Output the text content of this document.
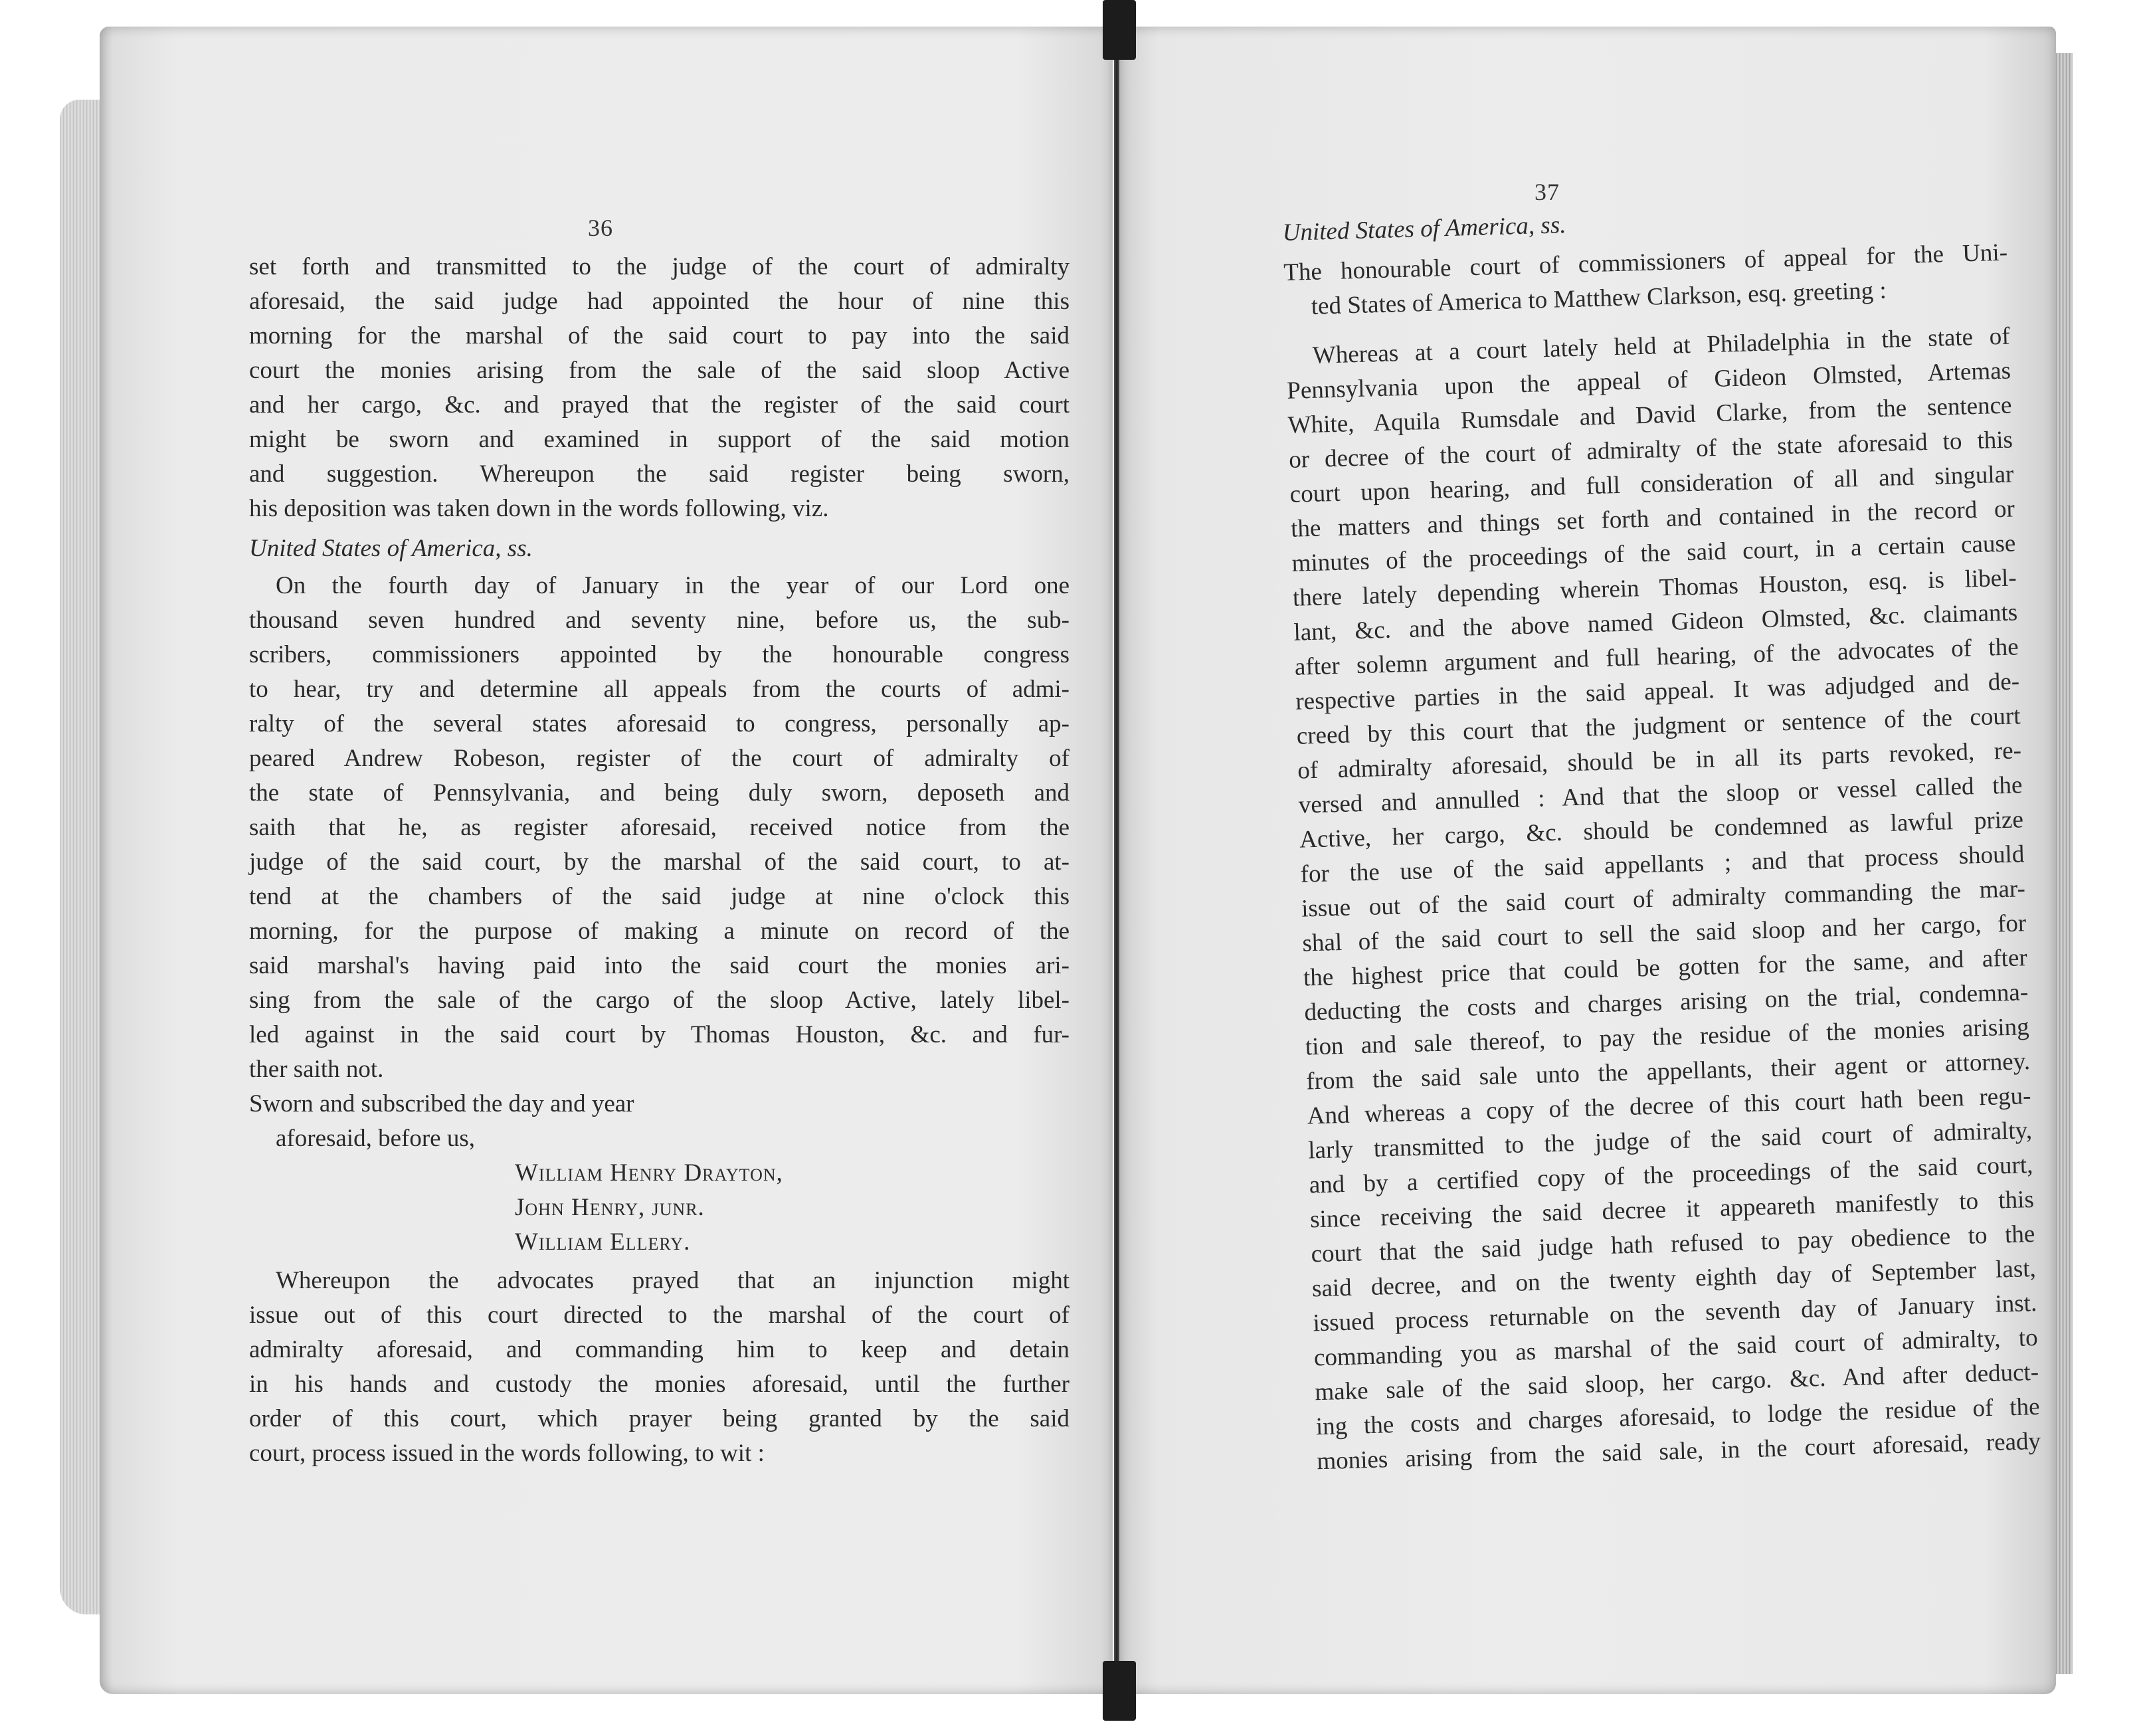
36
set forth and transmitted to the judge of the court of admiralty
aforesaid, the said judge had appointed the hour of nine this
morning for the marshal of the said court to pay into the said
court the monies arising from the sale of the said sloop Active
and her cargo, &c. and prayed that the register of the said court
might be sworn and examined in support of the said motion
and suggestion. Whereupon the said register being sworn,
his deposition was taken down in the words following, viz.
United States of America, ss.
On the fourth day of January in the year of our Lord one
thousand seven hundred and seventy nine, before us, the sub-
scribers, commissioners appointed by the honourable congress
to hear, try and determine all appeals from the courts of admi-
ralty of the several states aforesaid to congress, personally ap-
peared Andrew Robeson, register of the court of admiralty of
the state of Pennsylvania, and being duly sworn, deposeth and
saith that he, as register aforesaid, received notice from the
judge of the said court, by the marshal of the said court, to at-
tend at the chambers of the said judge at nine o'clock this
morning, for the purpose of making a minute on record of the
said marshal's having paid into the said court the monies ari-
sing from the sale of the cargo of the sloop Active, lately libel-
led against in the said court by Thomas Houston, &c. and fur-
ther saith not.
Sworn and subscribed the day and year
aforesaid, before us,
William Henry Drayton,
John Henry, junr.
William Ellery.
Whereupon the advocates prayed that an injunction might
issue out of this court directed to the marshal of the court of
admiralty aforesaid, and commanding him to keep and detain
in his hands and custody the monies aforesaid, until the further
order of this court, which prayer being granted by the said
court, process issued in the words following, to wit :
37
United States of America, ss.
The honourable court of commissioners of appeal for the Uni-
ted States of America to Matthew Clarkson, esq. greeting :
Whereas at a court lately held at Philadelphia in the state of
Pennsylvania upon the appeal of Gideon Olmsted, Artemas
White, Aquila Rumsdale and David Clarke, from the sentence
or decree of the court of admiralty of the state aforesaid to this
court upon hearing, and full consideration of all and singular
the matters and things set forth and contained in the record or
minutes of the proceedings of the said court, in a certain cause
there lately depending wherein Thomas Houston, esq. is libel-
lant, &c. and the above named Gideon Olmsted, &c. claimants
after solemn argument and full hearing, of the advocates of the
respective parties in the said appeal. It was adjudged and de-
creed by this court that the judgment or sentence of the court
of admiralty aforesaid, should be in all its parts revoked, re-
versed and annulled : And that the sloop or vessel called the
Active, her cargo, &c. should be condemned as lawful prize
for the use of the said appellants ; and that process should
issue out of the said court of admiralty commanding the mar-
shal of the said court to sell the said sloop and her cargo, for
the highest price that could be gotten for the same, and after
deducting the costs and charges arising on the trial, condemna-
tion and sale thereof, to pay the residue of the monies arising
from the said sale unto the appellants, their agent or attorney.
And whereas a copy of the decree of this court hath been regu-
larly transmitted to the judge of the said court of admiralty,
and by a certified copy of the proceedings of the said court,
since receiving the said decree it appeareth manifestly to this
court that the said judge hath refused to pay obedience to the
said decree, and on the twenty eighth day of September last,
issued process returnable on the seventh day of January inst.
commanding you as marshal of the said court of admiralty, to
make sale of the said sloop, her cargo. &c. And after deduct-
ing the costs and charges aforesaid, to lodge the residue of the
monies arising from the said sale, in the court aforesaid, ready
